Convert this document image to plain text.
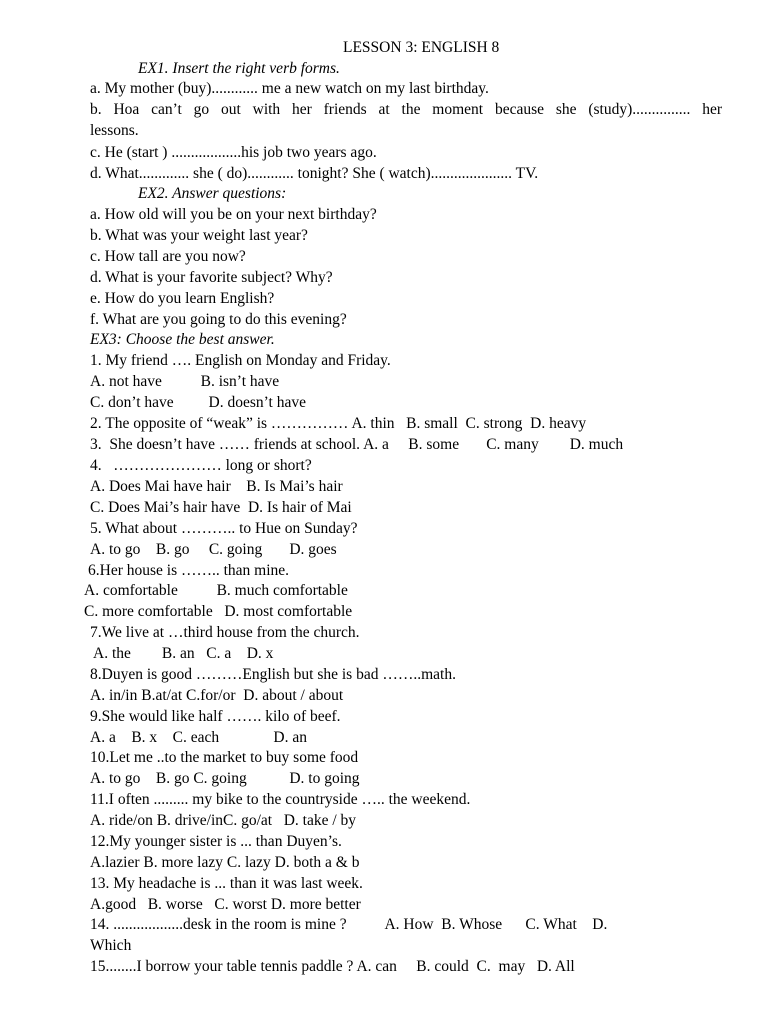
LESSON 3: ENGLISH 8
EX1. Insert the right verb forms.
a. My mother (buy)............ me a new watch on my last birthday.
b. Hoa can’t go out with her friends at the moment because she (study)............... her
lessons.
c. He (start ) ..................his job two years ago.
d. What............. she ( do)............ tonight? She ( watch)..................... TV.
EX2. Answer questions:
a. How old will you be on your next birthday?
b. What was your weight last year?
c. How tall are you now?
d. What is your favorite subject? Why?
e. How do you learn English?
f. What are you going to do this evening?
EX3: Choose the best answer.
1. My friend …. English on Monday and Friday.
A. not have          B. isn’t have
C. don’t have         D. doesn’t have
2. The opposite of “weak” is …………… A. thin   B. small  C. strong  D. heavy
3.  She doesn’t have …… friends at school. A. a     B. some       C. many        D. much
4.   ………………… long or short?
A. Does Mai have hair    B. Is Mai’s hair
C. Does Mai’s hair have  D. Is hair of Mai
5. What about ……….. to Hue on Sunday?
A. to go    B. go     C. going       D. goes
6.Her house is …….. than mine.
A. comfortable          B. much comfortable
C. more comfortable   D. most comfortable
7.We live at …third house from the church.
A. the        B. an   C. a    D. x
8.Duyen is good ………English but she is bad ……..math.
A. in/in B.at/at C.for/or  D. about / about
9.She would like half ……. kilo of beef.
A. a    B. x    C. each              D. an
10.Let me ..to the market to buy some food
A. to go    B. go C. going           D. to going
11.I often ......... my bike to the countryside ….. the weekend.
A. ride/on B. drive/inC. go/at   D. take / by
12.My younger sister is ... than Duyen’s.
A.lazier B. more lazy C. lazy D. both a & b
13. My headache is ... than it was last week.
A.good   B. worse   C. worst D. more better
14. ..................desk in the room is mine ?          A. How  B. Whose      C. What    D.
Which
15........I borrow your table tennis paddle ? A. can     B. could  C.  may   D. All
